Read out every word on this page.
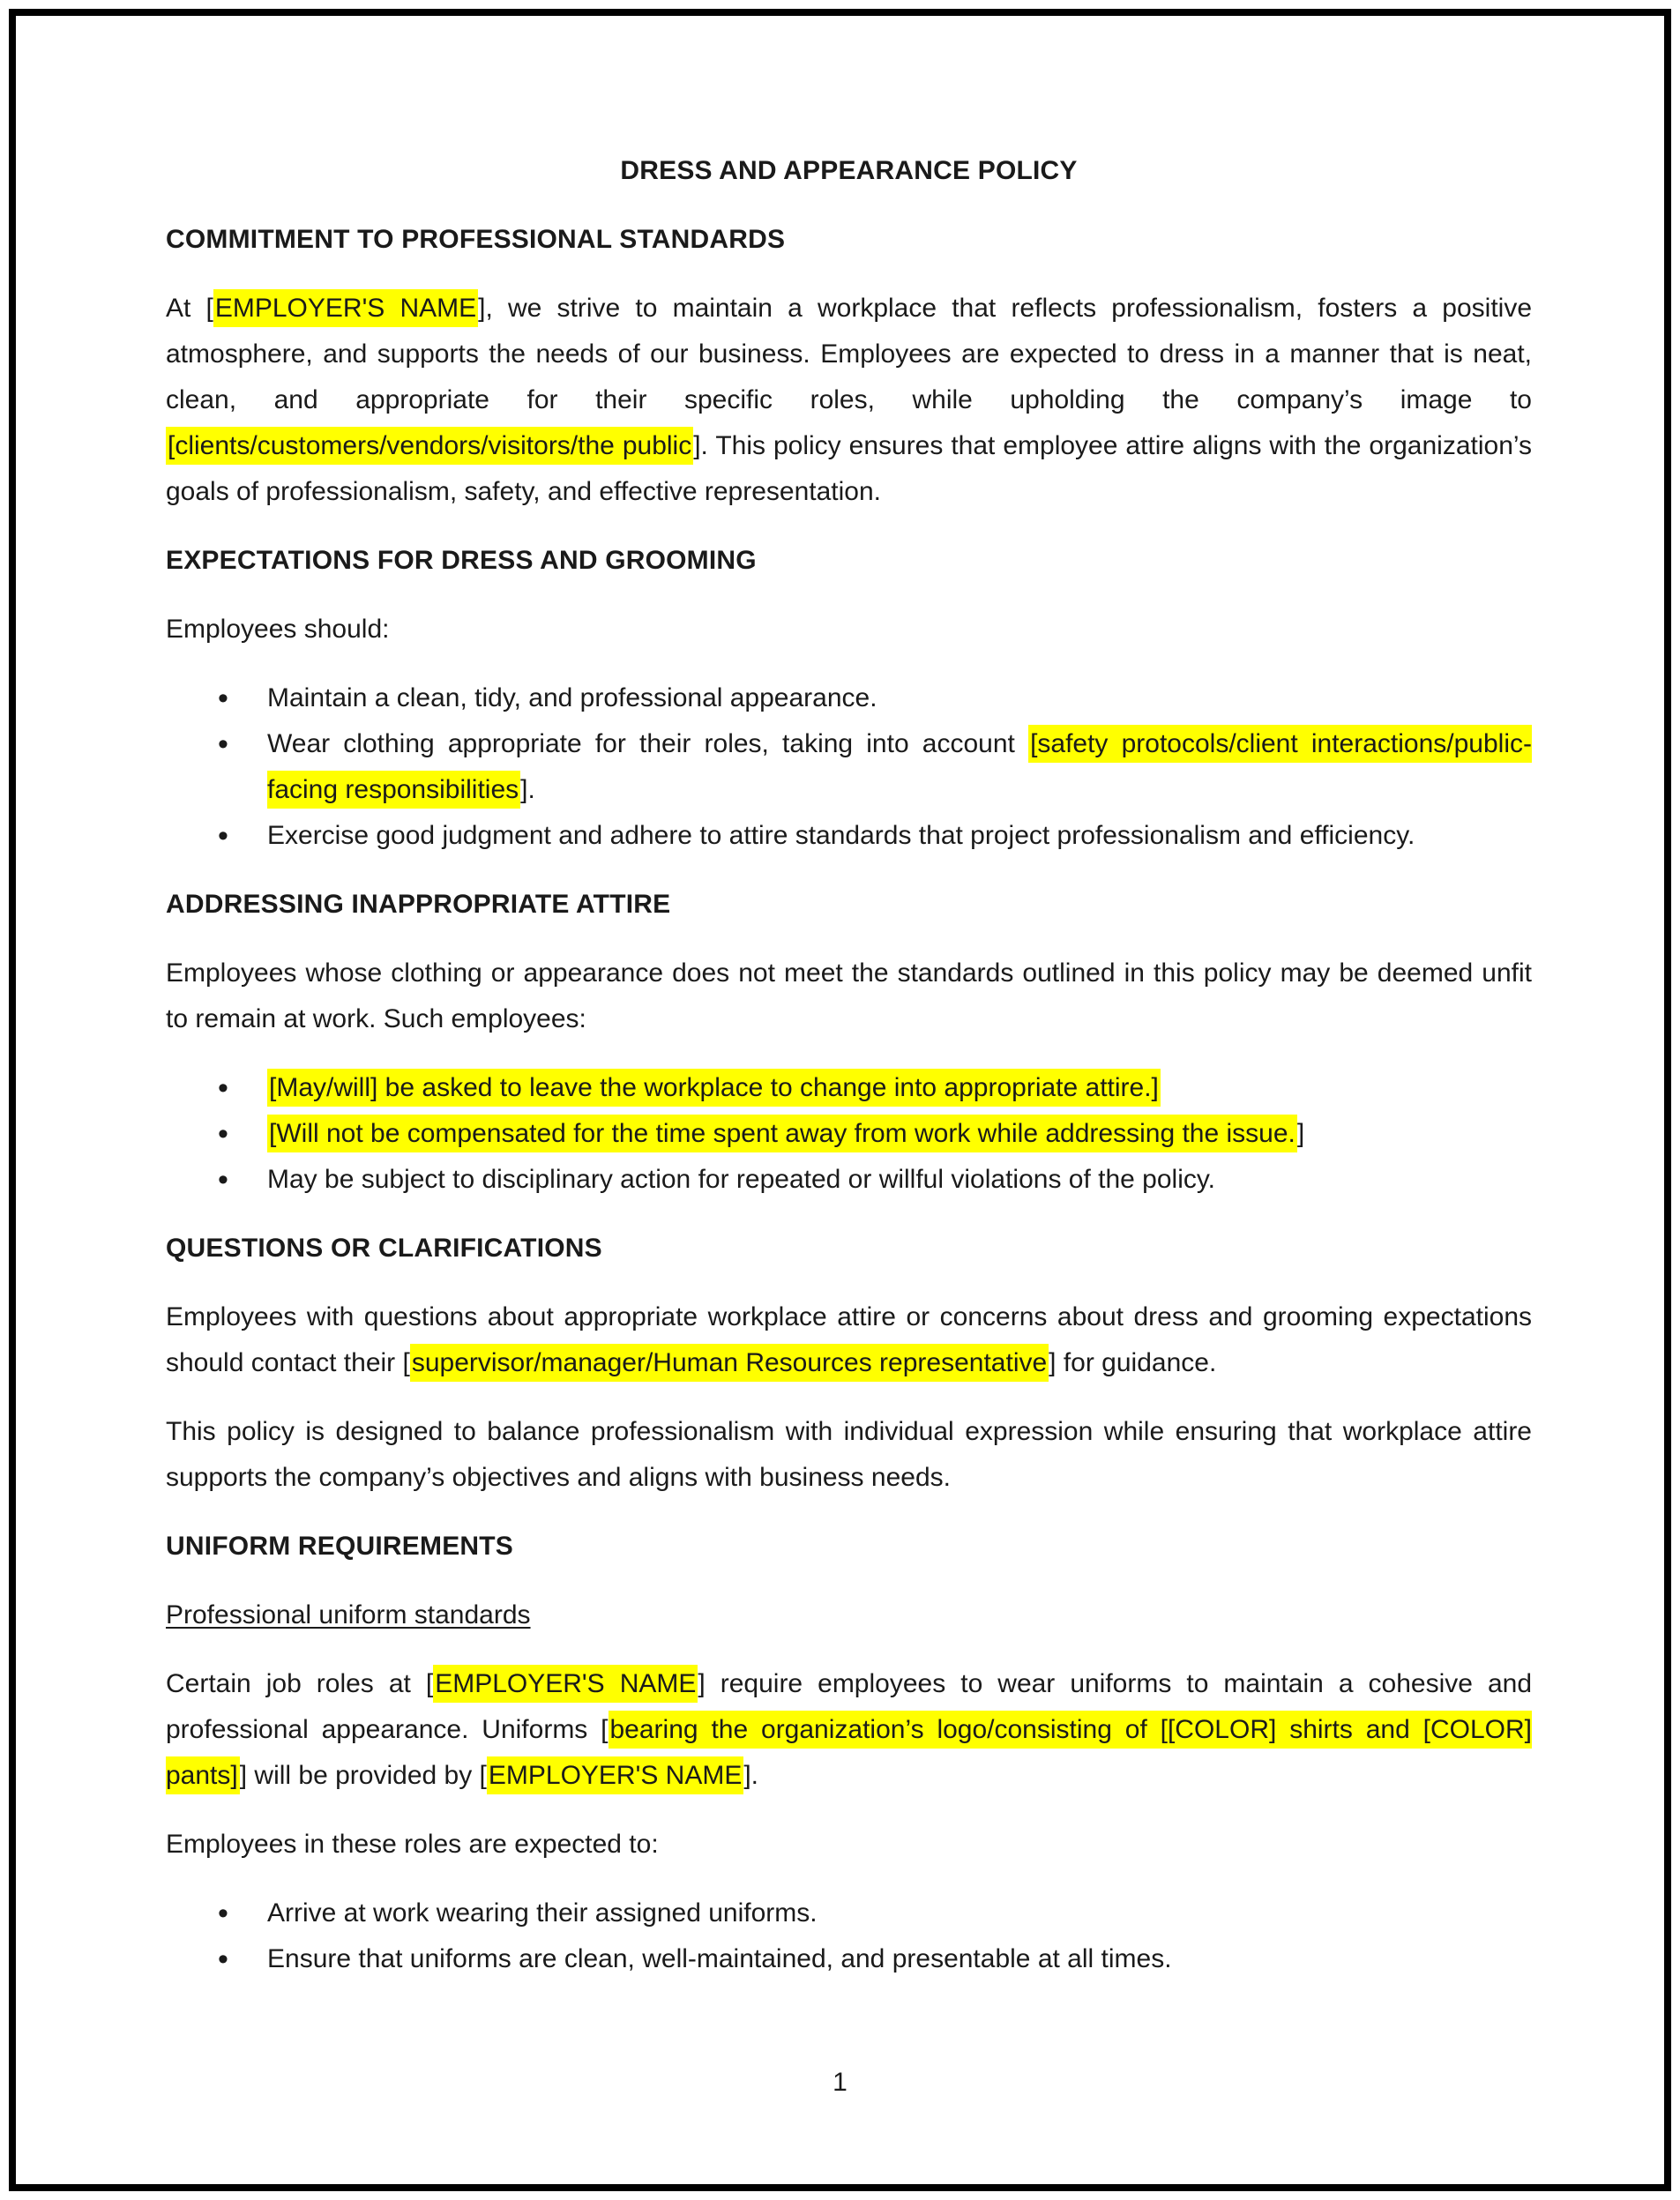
DRESS AND APPEARANCE POLICY
COMMITMENT TO PROFESSIONAL STANDARDS

At [EMPLOYER'S NAME], we strive to maintain a workplace that reflects professionalism, fosters a positive atmosphere, and supports the needs of our business. Employees are expected to dress in a manner that is neat, clean, and appropriate for their specific roles, while upholding the company’s image to [clients/customers/vendors/visitors/the public]. This policy ensures that employee attire aligns with the organization’s goals of professionalism, safety, and effective representation.

EXPECTATIONS FOR DRESS AND GROOMING

Employees should:

• Maintain a clean, tidy, and professional appearance.
• Wear clothing appropriate for their roles, taking into account [safety protocols/client interactions/public-facing responsibilities].
• Exercise good judgment and adhere to attire standards that project professionalism and efficiency.
ADDRESSING INAPPROPRIATE ATTIRE

Employees whose clothing or appearance does not meet the standards outlined in this policy may be deemed unfit to remain at work. Such employees:

• [May/will] be asked to leave the workplace to change into appropriate attire.]
• [Will not be compensated for the time spent away from work while addressing the issue.]
• May be subject to disciplinary action for repeated or willful violations of the policy.
QUESTIONS OR CLARIFICATIONS

Employees with questions about appropriate workplace attire or concerns about dress and grooming expectations should contact their [supervisor/manager/Human Resources representative] for guidance.

This policy is designed to balance professionalism with individual expression while ensuring that workplace attire supports the company’s objectives and aligns with business needs.

UNIFORM REQUIREMENTS
Professional uniform standards

Certain job roles at [EMPLOYER'S NAME] require employees to wear uniforms to maintain a cohesive and professional appearance. Uniforms [bearing the organization’s logo/consisting of [[COLOR] shirts and [COLOR] pants]] will be provided by [EMPLOYER'S NAME].

Employees in these roles are expected to:

• Arrive at work wearing their assigned uniforms.
• Ensure that uniforms are clean, well-maintained, and presentable at all times.
1
